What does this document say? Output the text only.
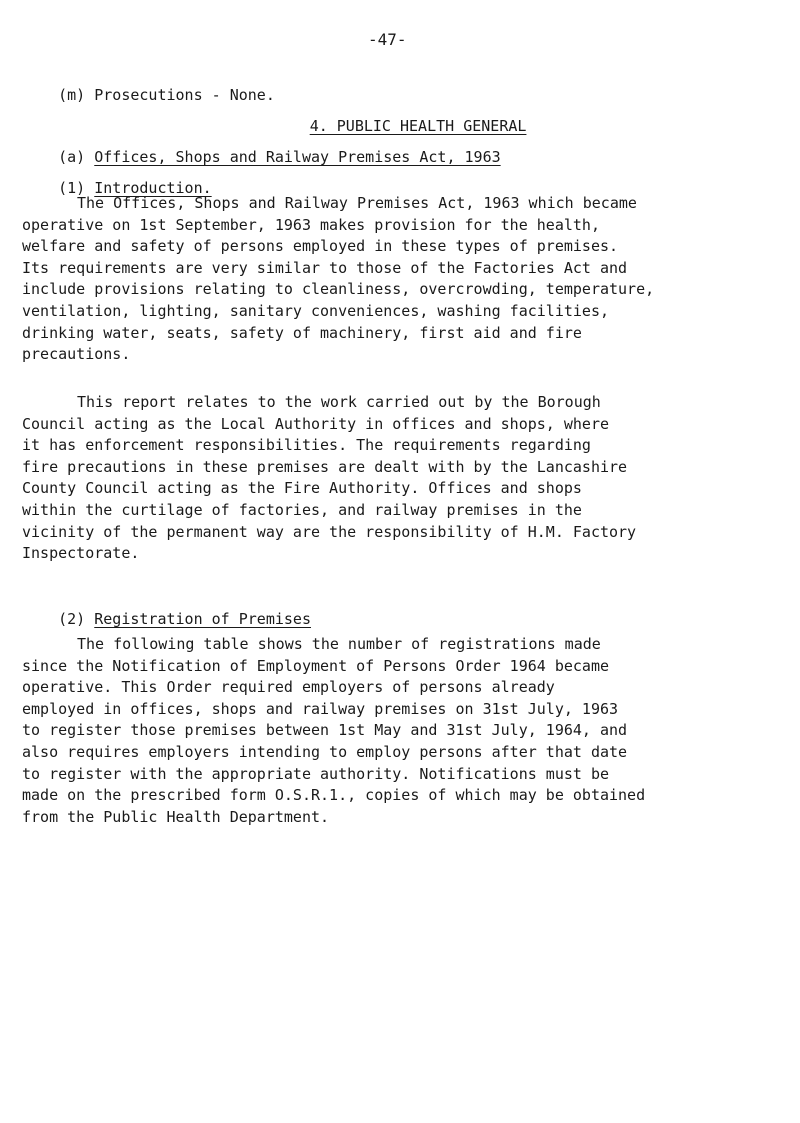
-47-

(m) Prosecutions - None.

4. PUBLIC HEALTH GENERAL

(a) Offices, Shops and Railway Premises Act, 1963

(1) Introduction.

The Offices, Shops and Railway Premises Act, 1963 which became
operative on 1st September, 1963 makes provision for the health,
welfare and safety of persons employed in these types of premises.
Its requirements are very similar to those of the Factories Act and
include provisions relating to cleanliness, overcrowding, temperature,
ventilation, lighting, sanitary conveniences, washing facilities,
drinking water, seats, safety of machinery, first aid and fire
precautions.
This report relates to the work carried out by the Borough
Council acting as the Local Authority in offices and shops, where
it has enforcement responsibilities. The requirements regarding
fire precautions in these premises are dealt with by the Lancashire
County Council acting as the Fire Authority. Offices and shops
within the curtilage of factories, and railway premises in the
vicinity of the permanent way are the responsibility of H.M. Factory
Inspectorate.

(2) Registration of Premises

The following table shows the number of registrations made
since the Notification of Employment of Persons Order 1964 became
operative. This Order required employers of persons already
employed in offices, shops and railway premises on 31st July, 1963
to register those premises between 1st May and 31st July, 1964, and
also requires employers intending to employ persons after that date
to register with the appropriate authority. Notifications must be
made on the prescribed form O.S.R.1., copies of which may be obtained
from the Public Health Department.
